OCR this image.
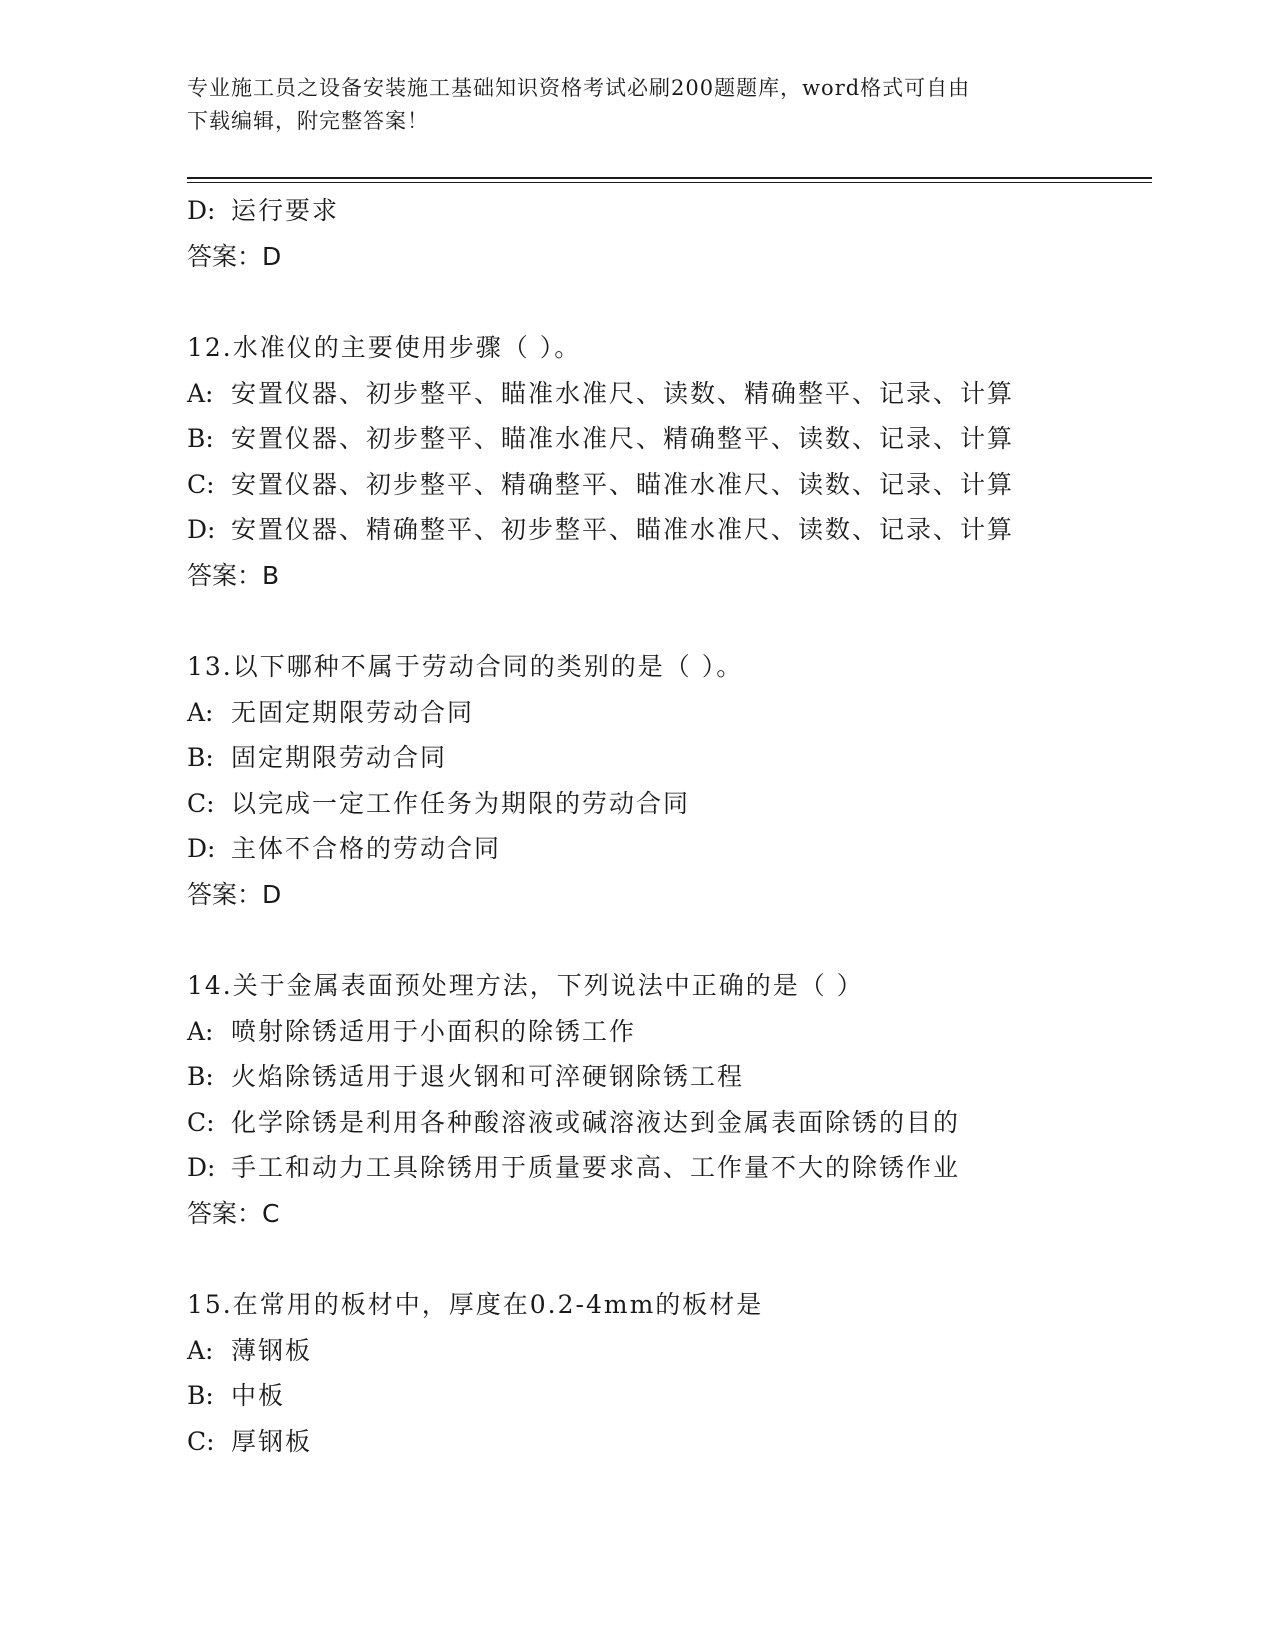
专业施工员之设备安装施工基础知识资格考试必刷200题题库，word格式可自由
下载编辑，附完整答案！
D: 运行要求
答案：D
12.水准仪的主要使用步骤（ ）。
A: 安置仪器、初步整平、瞄准水准尺、读数、精确整平、记录、计算
B: 安置仪器、初步整平、瞄准水准尺、精确整平、读数、记录、计算
C: 安置仪器、初步整平、精确整平、瞄准水准尺、读数、记录、计算
D: 安置仪器、精确整平、初步整平、瞄准水准尺、读数、记录、计算
答案：B
13.以下哪种不属于劳动合同的类别的是（ ）。
A: 无固定期限劳动合同
B: 固定期限劳动合同
C: 以完成一定工作任务为期限的劳动合同
D: 主体不合格的劳动合同
答案：D
14.关于金属表面预处理方法，下列说法中正确的是（ ）
A: 喷射除锈适用于小面积的除锈工作
B: 火焰除锈适用于退火钢和可淬硬钢除锈工程
C: 化学除锈是利用各种酸溶液或碱溶液达到金属表面除锈的目的
D: 手工和动力工具除锈用于质量要求高、工作量不大的除锈作业
答案：C
15.在常用的板材中，厚度在0.2-4mm的板材是
A: 薄钢板
B: 中板
C: 厚钢板
